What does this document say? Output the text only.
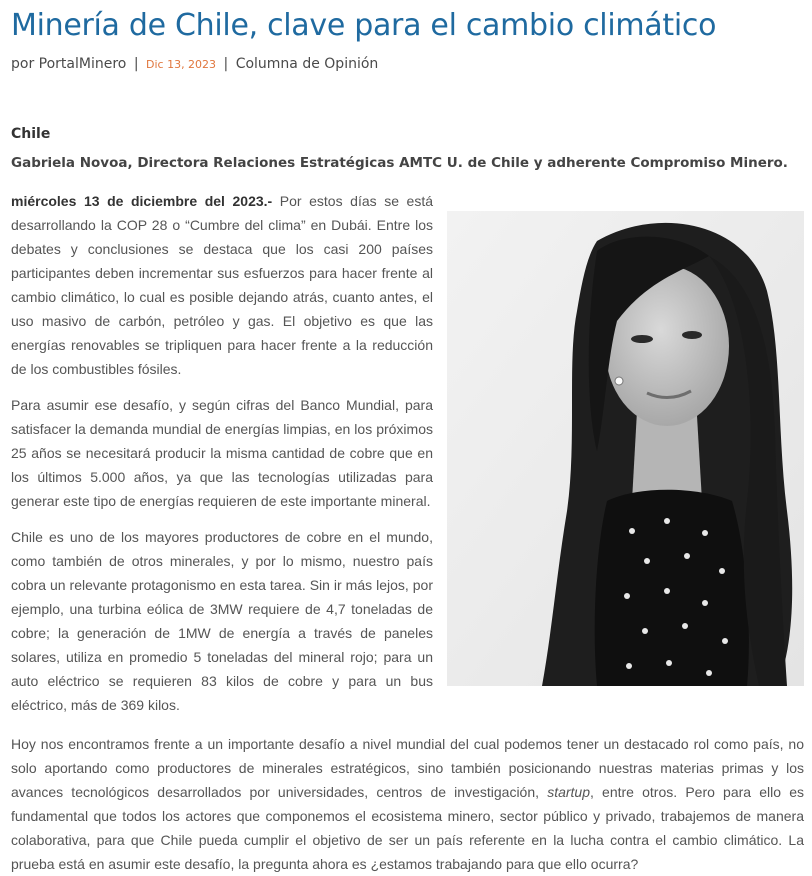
Minería de Chile, clave para el cambio climático
por PortalMinero | Dic 13, 2023 | Columna de Opinión
Chile
Gabriela Novoa, Directora Relaciones Estratégicas AMTC U. de Chile y adherente Compromiso Minero.

miércoles 13 de diciembre del 2023.- Por estos días se está desarrollando la COP 28 o “Cumbre del clima” en Dubái. Entre los debates y conclusiones se destaca que los casi 200 países participantes deben incrementar sus esfuerzos para hacer frente al cambio climático, lo cual es posible dejando atrás, cuanto antes, el uso masivo de carbón, petróleo y gas. El objetivo es que las energías renovables se tripliquen para hacer frente a la reducción de los combustibles fósiles.

Para asumir ese desafío, y según cifras del Banco Mundial, para satisfacer la demanda mundial de energías limpias, en los próximos 25 años se necesitará producir la misma cantidad de cobre que en los últimos 5.000 años, ya que las tecnologías utilizadas para generar este tipo de energías requieren de este importante mineral.

Chile es uno de los mayores productores de cobre en el mundo, como también de otros minerales, y por lo mismo, nuestro país cobra un relevante protagonismo en esta tarea. Sin ir más lejos, por ejemplo, una turbina eólica de 3MW requiere de 4,7 toneladas de cobre; la generación de 1MW de energía a través de paneles solares, utiliza en promedio 5 toneladas del mineral rojo; para un auto eléctrico se requieren 83 kilos de cobre y para un bus eléctrico, más de 369 kilos.

Hoy nos encontramos frente a un importante desafío a nivel mundial del cual podemos tener un destacado rol como país, no solo aportando como productores de minerales estratégicos, sino también posicionando nuestras materias primas y los avances tecnológicos desarrollados por universidades, centros de investigación, startup, entre otros. Pero para ello es fundamental que todos los actores que componemos el ecosistema minero, sector público y privado, trabajemos de manera colaborativa, para que Chile pueda cumplir el objetivo de ser un país referente en la lucha contra el cambio climático. La prueba está en asumir este desafío, la pregunta ahora es ¿estamos trabajando para que ello ocurra?
